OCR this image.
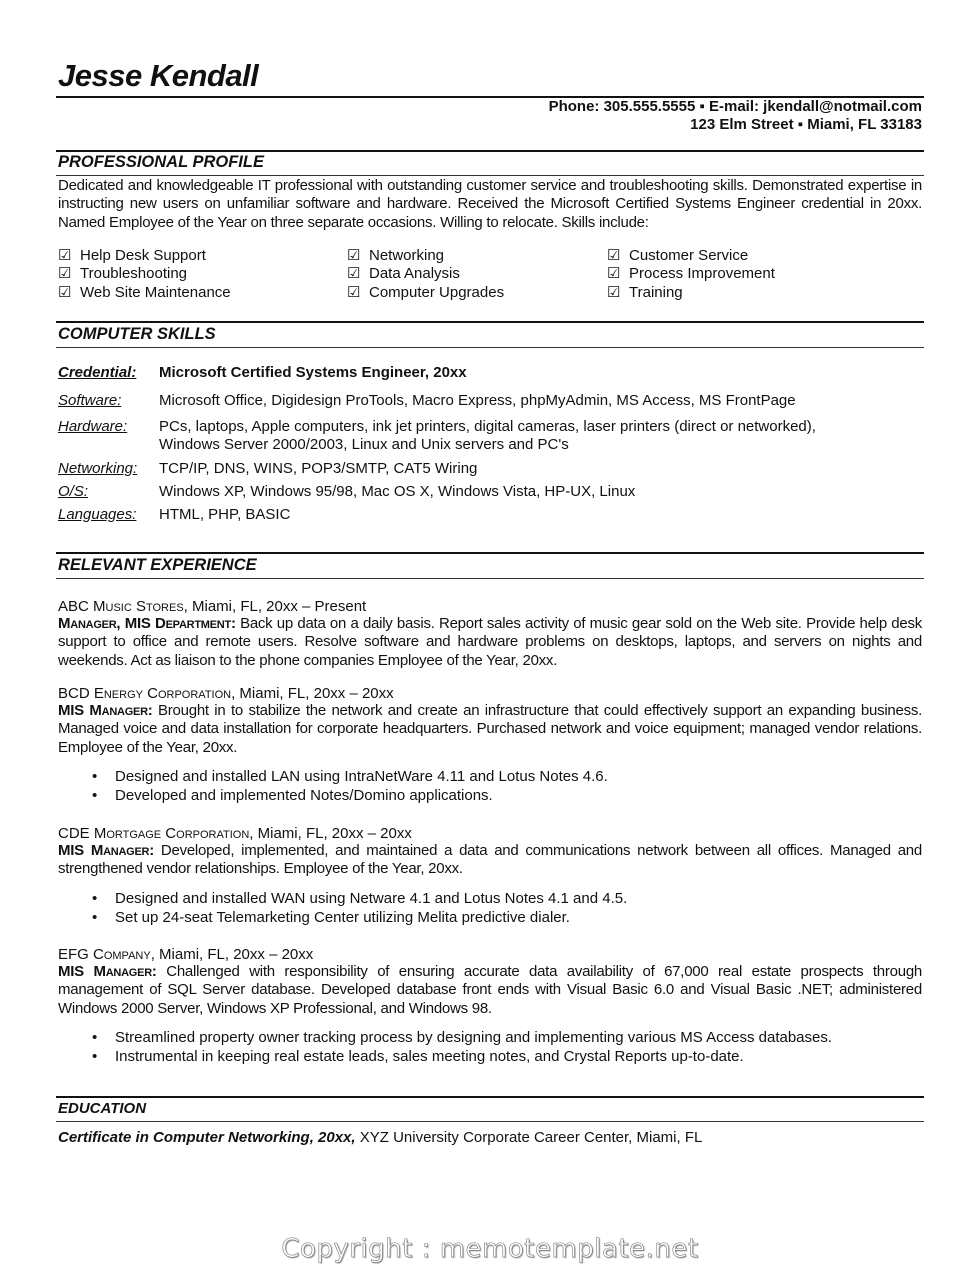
Jesse Kendall
Phone: 305.555.5555 ▪ E-mail: jkendall@notmail.com
123 Elm Street ▪ Miami, FL 33183
PROFESSIONAL PROFILE
Dedicated and knowledgeable IT professional with outstanding customer service and troubleshooting skills. Demonstrated expertise in instructing new users on unfamiliar software and hardware. Received the Microsoft Certified Systems Engineer credential in 20xx. Named Employee of the Year on three separate occasions. Willing to relocate. Skills include:
☑ Help Desk Support
☑ Troubleshooting
☑ Web Site Maintenance
☑ Networking
☑ Data Analysis
☑ Computer Upgrades
☑ Customer Service
☑ Process Improvement
☑ Training
COMPUTER SKILLS
Credential:	Microsoft Certified Systems Engineer, 20xx
Software:	Microsoft Office, Digidesign ProTools, Macro Express, phpMyAdmin, MS Access, MS FrontPage
Hardware:	PCs, laptops, Apple computers, ink jet printers, digital cameras, laser printers (direct or networked),
Windows Server 2000/2003, Linux and Unix servers and PC's
Networking:	TCP/IP, DNS, WINS, POP3/SMTP, CAT5 Wiring
O/S:	Windows XP, Windows 95/98, Mac OS X, Windows Vista, HP-UX, Linux
Languages:	HTML, PHP, BASIC
RELEVANT EXPERIENCE
ABC Music Stores, Miami, FL, 20xx – Present
Manager, MIS Department: Back up data on a daily basis. Report sales activity of music gear sold on the Web site. Provide help desk support to office and remote users. Resolve software and hardware problems on desktops, laptops, and servers on nights and weekends. Act as liaison to the phone companies Employee of the Year, 20xx.
BCD Energy Corporation, Miami, FL, 20xx – 20xx
MIS Manager: Brought in to stabilize the network and create an infrastructure that could effectively support an expanding business. Managed voice and data installation for corporate headquarters. Purchased network and voice equipment; managed vendor relations. Employee of the Year, 20xx.
• Designed and installed LAN using IntraNetWare 4.11 and Lotus Notes 4.6.
• Developed and implemented Notes/Domino applications.
CDE Mortgage Corporation, Miami, FL, 20xx – 20xx
MIS Manager: Developed, implemented, and maintained a data and communications network between all offices. Managed and strengthened vendor relationships. Employee of the Year, 20xx.
• Designed and installed WAN using Netware 4.1 and Lotus Notes 4.1 and 4.5.
• Set up 24-seat Telemarketing Center utilizing Melita predictive dialer.
EFG Company, Miami, FL, 20xx – 20xx
MIS Manager: Challenged with responsibility of ensuring accurate data availability of 67,000 real estate prospects through management of SQL Server database. Developed database front ends with Visual Basic 6.0 and Visual Basic .NET; administered Windows 2000 Server, Windows XP Professional, and Windows 98.
• Streamlined property owner tracking process by designing and implementing various MS Access databases.
• Instrumental in keeping real estate leads, sales meeting notes, and Crystal Reports up-to-date.
EDUCATION
Certificate in Computer Networking, 20xx, XYZ University Corporate Career Center, Miami, FL
Copyright : memotemplate.net
